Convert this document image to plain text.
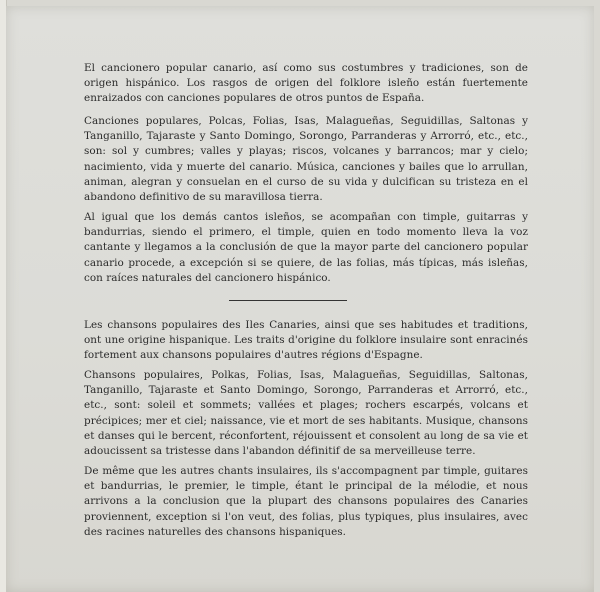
El cancionero popular canario, así como sus costumbres y tradiciones, son de origen hispánico. Los rasgos de origen del folklore isleño están fuertemente enraizados con canciones populares de otros puntos de España.

Canciones populares, Polcas, Folias, Isas, Malagueñas, Seguidillas, Saltonas y Tanganillo, Tajaraste y Santo Domingo, Sorongo, Parranderas y Arrorró, etc., etc., son: sol y cumbres; valles y playas; riscos, volcanes y barrancos; mar y cielo; nacimiento, vida y muerte del canario. Música, canciones y bailes que lo arrullan, animan, alegran y consuelan en el curso de su vida y dulcifican su tristeza en el abandono definitivo de su maravillosa tierra.

Al igual que los demás cantos isleños, se acompañan con timple, guitarras y bandurrias, siendo el primero, el timple, quien en todo momento lleva la voz cantante y llegamos a la conclusión de que la mayor parte del cancionero popular canario procede, a excepción si se quiere, de las folias, más típicas, más isleñas, con raíces naturales del cancionero hispánico.

Les chansons populaires des Iles Canaries, ainsi que ses habitudes et traditions, ont une origine hispanique. Les traits d'origine du folklore insulaire sont enracinés fortement aux chansons populaires d'autres régions d'Espagne.

Chansons populaires, Polkas, Folias, Isas, Malagueñas, Seguidillas, Saltonas, Tanganillo, Tajaraste et Santo Domingo, Sorongo, Parranderas et Arrorró, etc., etc., sont: soleil et sommets; vallées et plages; rochers escarpés, volcans et précipices; mer et ciel; naissance, vie et mort de ses habitants. Musique, chansons et danses qui le bercent, réconfortent, réjouissent et consolent au long de sa vie et adoucissent sa tristesse dans l'abandon définitif de sa merveilleuse terre.

De même que les autres chants insulaires, ils s'accompagnent par timple, guitares et bandurrias, le premier, le timple, étant le principal de la mélodie, et nous arrivons a la conclusion que la plupart des chansons populaires des Canaries proviennent, exception si l'on veut, des folias, plus typiques, plus insulaires, avec des racines naturelles des chansons hispaniques.
